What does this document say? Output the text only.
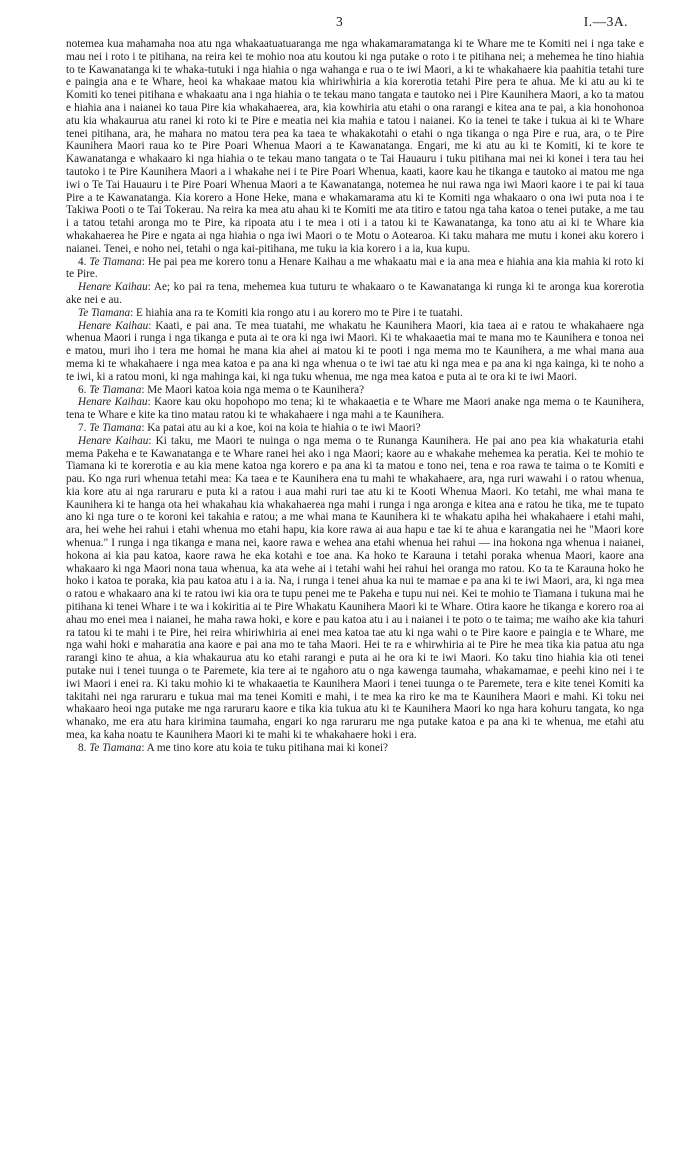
3	I.—3A.

notemea kua mahamaha noa atu nga whakaatuatuaranga me nga whakamaramatanga ki te Whare me te Komiti nei i nga take e mau nei i roto i te pitihana, na reira kei te mohio noa atu koutou ki nga putake o roto i te pitihana nei; a mehemea he tino hiahia to te Kawanatanga ki te whaka-tutuki i nga hiahia o nga wahanga e rua o te iwi Maori, a ki te whakahaere kia paahitia tetahi ture e paingia ana e te Whare, heoi ka whakaae matou kia whiriwhiria a kia korerotia tetahi Pire pera te ahua. Me ki atu au ki te Komiti ko tenei pitihana e whakaatu ana i nga hiahia o te tekau mano tangata e tautoko nei i Pire Kaunihera Maori, a ko ta matou e hiahia ana i naianei ko taua Pire kia whakahaerea, ara, kia kowhiria atu etahi o ona rarangi e kitea ana te pai, a kia honohonoa atu kia whakaurua atu ranei ki roto ki te Pire e meatia nei kia mahia e tatou i naianei. Ko ia tenei te take i tukua ai ki te Whare tenei pitihana, ara, he mahara no matou tera pea ka taea te whakakotahi o etahi o nga tikanga o nga Pire e rua, ara, o te Pire Kaunihera Maori raua ko te Pire Poari Whenua Maori a te Kawanatanga. Engari, me ki atu au ki te Komiti, ki te kore te Kawanatanga e whakaaro ki nga hiahia o te tekau mano tangata o te Tai Hauauru i tuku pitihana mai nei ki konei i tera tau hei tautoko i te Pire Kaunihera Maori a i whakahe nei i te Pire Poari Whenua, kaati, kaore kau he tikanga e tautoko ai matou me nga iwi o Te Tai Hauauru i te Pire Poari Whenua Maori a te Kawanatanga, notemea he nui rawa nga iwi Maori kaore i te pai ki taua Pire a te Kawanatanga. Kia korero a Hone Heke, mana e whakamarama atu ki te Komiti nga whakaaro o ona iwi puta noa i te Takiwa Pooti o te Tai Tokerau. Na reira ka mea atu ahau ki te Komiti me ata titiro e tatou nga taha katoa o tenei putake, a me tau i a tatou tetahi aronga mo te Pire, ka ripoata atu i te mea i oti i a tatou ki te Kawanatanga, ka tono atu ai ki te Whare kia whakahaerea he Pire e ngata ai nga hiahia o nga iwi Maori o te Motu o Aotearoa. Ki taku mahara me mutu i konei aku korero i naianei. Tenei, e noho nei, tetahi o nga kai-pitihana, me tuku ia kia korero i a ia, kua kupu.

4. Te Tiamana: He pai pea me korero tonu a Henare Kaihau a me whakaatu mai e ia ana mea e hiahia ana kia mahia ki roto ki te Pire.

Henare Kaihau: Ae; ko pai ra tena, mehemea kua tuturu te whakaaro o te Kawanatanga ki runga ki te aronga kua korerotia ake nei e au.

Te Tiamana: E hiahia ana ra te Komiti kia rongo atu i au korero mo te Pire i te tuatahi.

Henare Kaihau: Kaati, e pai ana. Te mea tuatahi, me whakatu he Kaunihera Maori, kia taea ai e ratou te whakahaere nga whenua Maori i runga i nga tikanga e puta ai te ora ki nga iwi Maori. Ki te whakaaetia mai te mana mo te Kaunihera e tonoa nei e matou, muri iho i tera me homai he mana kia ahei ai matou ki te pooti i nga mema mo te Kaunihera, a me whai mana aua mema ki te whakahaere i nga mea katoa e pa ana ki nga whenua o te iwi tae atu ki nga mea e pa ana ki nga kainga, ki te noho a te iwi, ki a ratou moni, ki nga mahinga kai, ki nga tuku whenua, me nga mea katoa e puta ai te ora ki te iwi Maori.

6. Te Tiamana: Me Maori katoa koia nga mema o te Kaunihera?

Henare Kaihau: Kaore kau oku hopohopo mo tena; ki te whakaaetia e te Whare me Maori anake nga mema o te Kaunihera, tena te Whare e kite ka tino matau ratou ki te whakahaere i nga mahi a te Kaunihera.

7. Te Tiamana: Ka patai atu au ki a koe, koi na koia te hiahia o te iwi Maori?

Henare Kaihau: Ki taku, me Maori te nuinga o nga mema o te Runanga Kaunihera. He pai ano pea kia whakaturia etahi mema Pakeha e te Kawanatanga e te Whare ranei hei ako i nga Maori; kaore au e whakahe mehemea ka peratia. Kei te mohio te Tiamana ki te korerotia e au kia mene katoa nga korero e pa ana ki ta matou e tono nei, tena e roa rawa te taima o te Komiti e pau. Ko nga ruri whenua tetahi mea: Ka taea e te Kaunihera ena tu mahi te whakahaere, ara, nga ruri wawahi i o ratou whenua, kia kore atu ai nga raruraru e puta ki a ratou i aua mahi ruri tae atu ki te Kooti Whenua Maori. Ko tetahi, me whai mana te Kaunihera ki te hanga ota hei whakahau kia whakahaerea nga mahi i runga i nga aronga e kitea ana e ratou he tika, me te tupato ano ki nga ture o te koroni kei takahia e ratou; a me whai mana te Kaunihera ki te whakatu apiha hei whakahaere i etahi mahi, ara, hei wehe hei rahui i etahi whenua mo etahi hapu, kia kore rawa ai aua hapu e tae ki te ahua e karangatia nei he "Maori kore whenua." I runga i nga tikanga e mana nei, kaore rawa e wehea ana etahi whenua hei rahui — ina hokona nga whenua i naianei, hokona ai kia pau katoa, kaore rawa he eka kotahi e toe ana. Ka hoko te Karauna i tetahi poraka whenua Maori, kaore ana whakaaro ki nga Maori nona taua whenua, ka ata wehe ai i tetahi wahi hei rahui hei oranga mo ratou. Ko ta te Karauna hoko he hoko i katoa te poraka, kia pau katoa atu i a ia. Na, i runga i tenei ahua ka nui te mamae e pa ana ki te iwi Maori, ara, ki nga mea o ratou e whakaaro ana ki te ratou iwi kia ora te tupu penei me te Pakeha e tupu nui nei. Kei te mohio te Tiamana i tukuna mai he pitihana ki tenei Whare i te wa i kokiritia ai te Pire Whakatu Kaunihera Maori ki te Whare. Otira kaore he tikanga e korero roa ai ahau mo enei mea i naianei, he maha rawa hoki, e kore e pau katoa atu i au i naianei i te poto o te taima; me waiho ake kia tahuri ra tatou ki te mahi i te Pire, hei reira whiriwhiria ai enei mea katoa tae atu ki nga wahi o te Pire kaore e paingia e te Whare, me nga wahi hoki e maharatia ana kaore e pai ana mo te taha Maori. Hei te ra e whirwhiria ai te Pire he mea tika kia patua atu nga rarangi kino te ahua, a kia whakaurua atu ko etahi rarangi e puta ai he ora ki te iwi Maori. Ko taku tino hiahia kia oti tenei putake nui i tenei tuunga o te Paremete, kia tere ai te ngahoro atu o nga kawenga taumaha, whakamamae, e peehi kino nei i te iwi Maori i enei ra. Ki taku mohio ki te whakaaetia te Kaunihera Maori i tenei tuunga o te Paremete, tera e kite tenei Komiti ka takitahi nei nga raruraru e tukua mai ma tenei Komiti e mahi, i te mea ka riro ke ma te Kaunihera Maori e mahi. Ki toku nei whakaaro heoi nga putake me nga raruraru kaore e tika kia tukua atu ki te Kaunihera Maori ko nga hara kohuru tangata, ko nga whanako, me era atu hara kirimina taumaha, engari ko nga raruraru me nga putake katoa e pa ana ki te whenua, me etahi atu mea, ka kaha noatu te Kaunihera Maori ki te mahi ki te whakahaere hoki i era.

8. Te Tiamana: A me tino kore atu koia te tuku pitihana mai ki konei?
